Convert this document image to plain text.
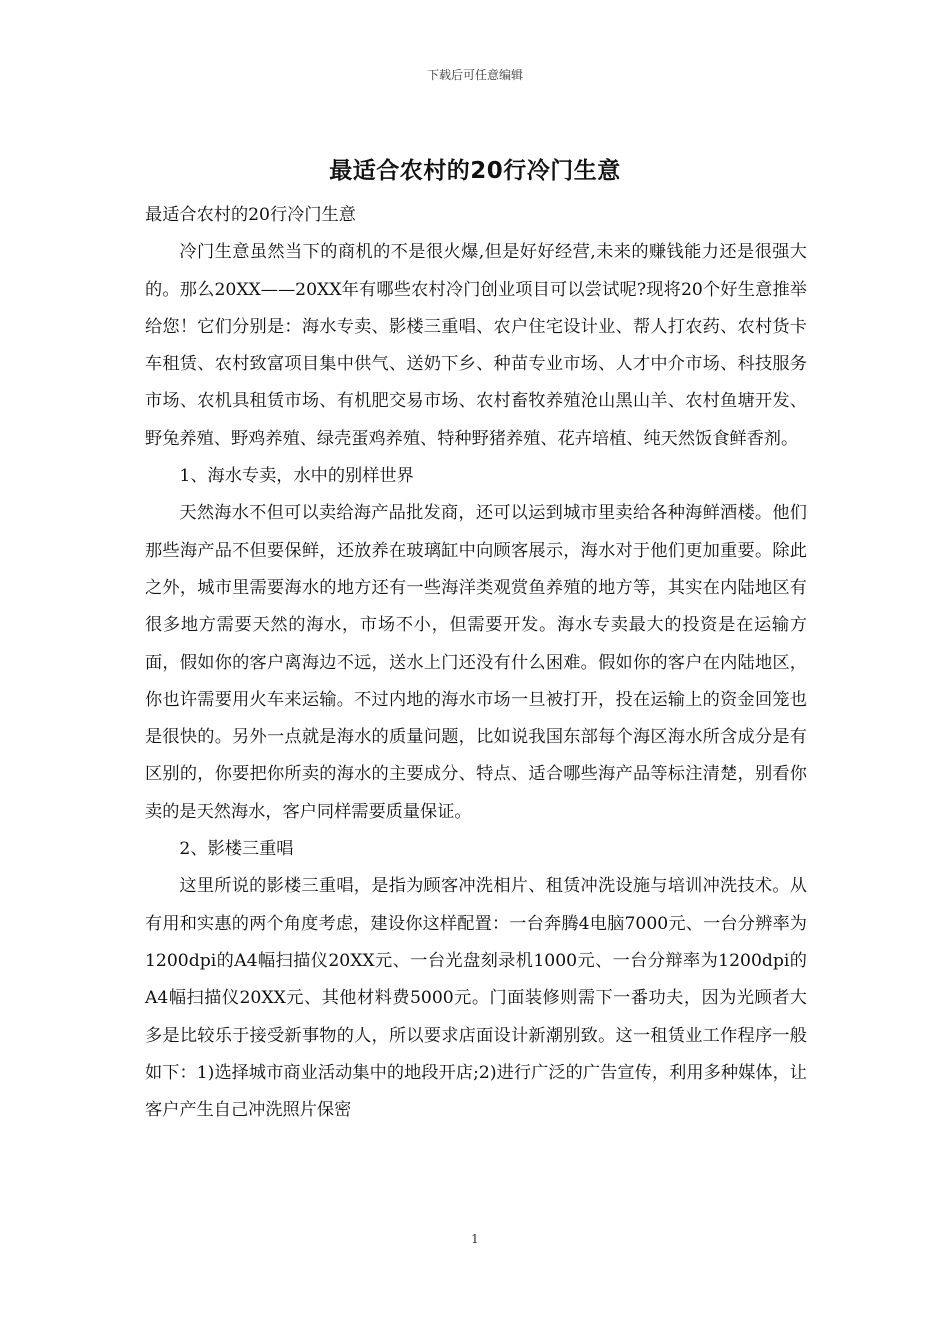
下载后可任意编辑
最适合农村的20行冷门生意

最适合农村的20行冷门生意

冷门生意虽然当下的商机的不是很火爆,但是好好经营,未来的赚钱能力还是很强大的。那么20XX——20XX年有哪些农村冷门创业项目可以尝试呢?现将20个好生意推举给您！它们分别是：海水专卖、影楼三重唱、农户住宅设计业、帮人打农药、农村货卡车租赁、农村致富项目集中供气、送奶下乡、种苗专业市场、人才中介市场、科技服务市场、农机具租赁市场、有机肥交易市场、农村畜牧养殖沧山黑山羊、农村鱼塘开发、野兔养殖、野鸡养殖、绿壳蛋鸡养殖、特种野猪养殖、花卉培植、纯天然饭食鲜香剂。

1、海水专卖，水中的别样世界

天然海水不但可以卖给海产品批发商，还可以运到城市里卖给各种海鲜酒楼。他们那些海产品不但要保鲜，还放养在玻璃缸中向顾客展示，海水对于他们更加重要。除此之外，城市里需要海水的地方还有一些海洋类观赏鱼养殖的地方等，其实在内陆地区有很多地方需要天然的海水，市场不小，但需要开发。海水专卖最大的投资是在运输方面，假如你的客户离海边不远，送水上门还没有什么困难。假如你的客户在内陆地区，你也许需要用火车来运输。不过内地的海水市场一旦被打开，投在运输上的资金回笼也是很快的。另外一点就是海水的质量问题，比如说我国东部每个海区海水所含成分是有区别的，你要把你所卖的海水的主要成分、特点、适合哪些海产品等标注清楚，别看你卖的是天然海水，客户同样需要质量保证。

2、影楼三重唱

这里所说的影楼三重唱，是指为顾客冲洗相片、租赁冲洗设施与培训冲洗技术。从有用和实惠的两个角度考虑，建设你这样配置：一台奔腾4电脑7000元、一台分辨率为1200dpi的A4幅扫描仪20XX元、一台光盘刻录机1000元、一台分辩率为1200dpi的A4幅扫描仪20XX元、其他材料费5000元。门面装修则需下一番功夫，因为光顾者大多是比较乐于接受新事物的人，所以要求店面设计新潮别致。这一租赁业工作程序一般如下：1)选择城市商业活动集中的地段开店;2)进行广泛的广告宣传，利用多种媒体，让客户产生自己冲洗照片保密

1
